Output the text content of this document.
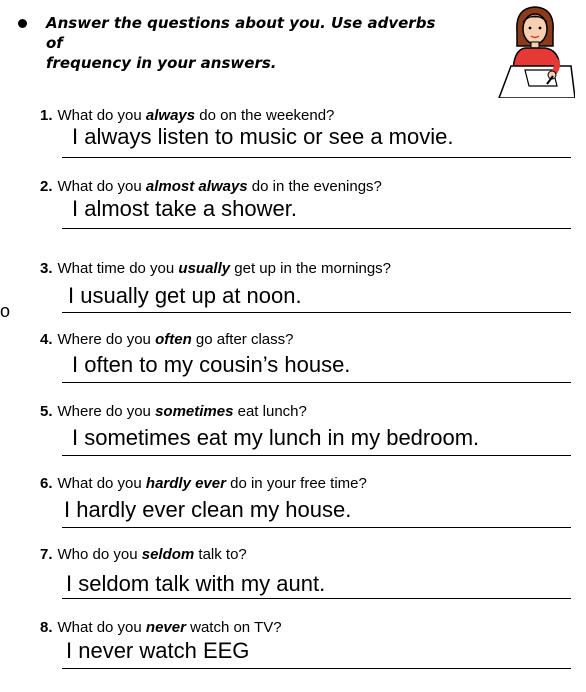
Answer the questions about you. Use adverbs of
frequency in your answers.
o
1. What do you always do on the weekend?
I always listen to music or see a movie.
2. What do you almost always do in the evenings?
I almost take a shower.
3. What time do you usually get up in the mornings?
I usually get up at noon.
4. Where do you often go after class?
I often to my cousin’s house.
5. Where do you sometimes eat lunch?
I sometimes eat my lunch in my bedroom.
6. What do you hardly ever do in your free time?
I hardly ever clean my house.
7. Who do you seldom talk to?
I seldom talk with my aunt.
8. What do you never watch on TV?
I never watch EEG
